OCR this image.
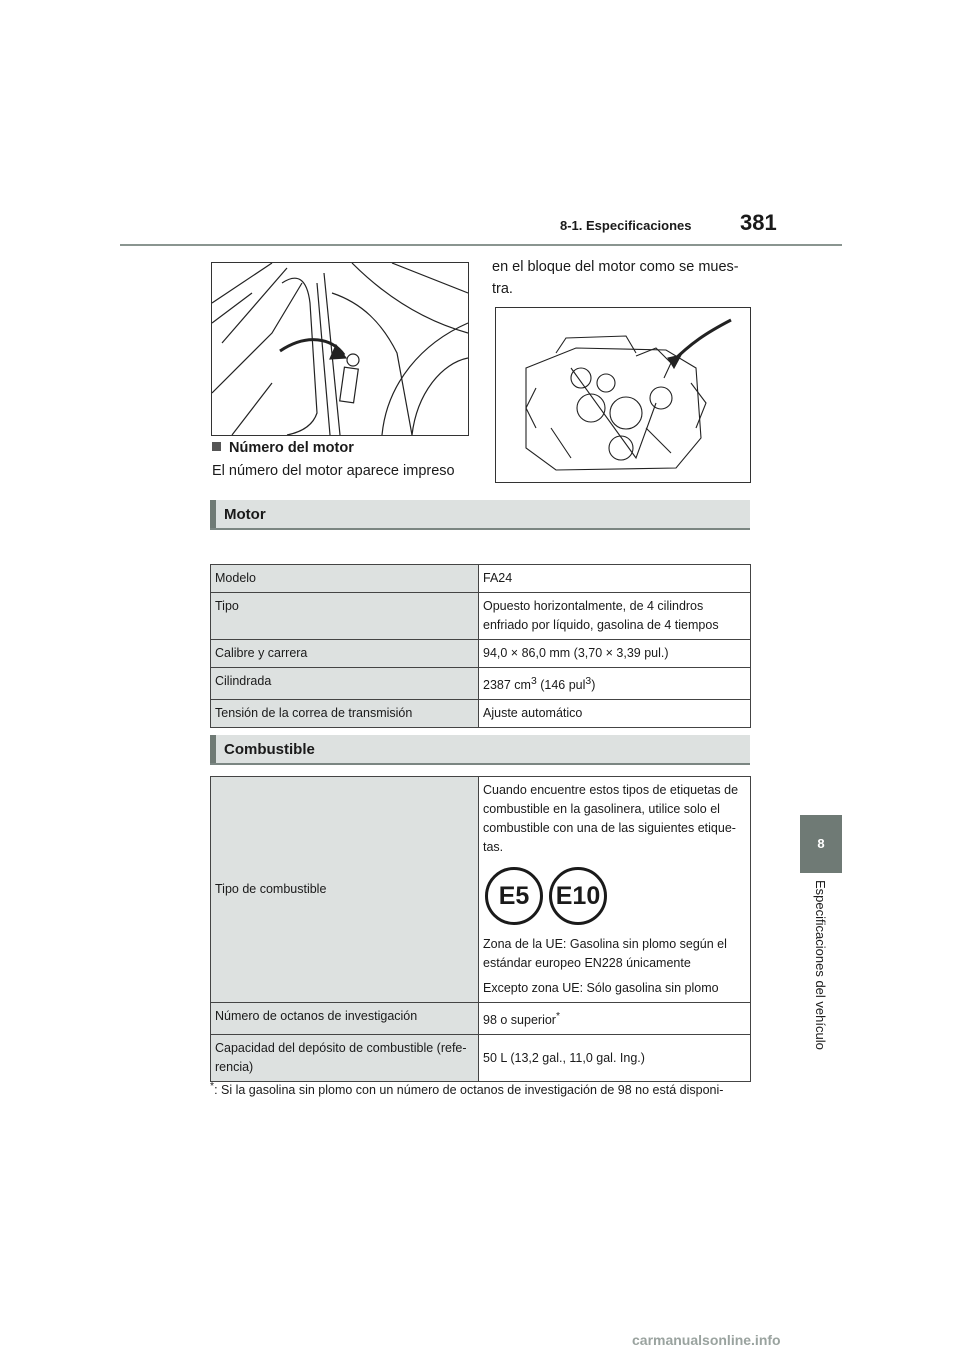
8-1. Especificaciones 381
8
Especificaciones del vehículo
en el bloque del motor como se mues- tra.
Número del motor
El número del motor aparece impreso
Motor
Modelo	FA24
Tipo	Opuesto horizontalmente, de 4 cilindros enfriado por líquido, gasolina de 4 tiempos
Calibre y carrera	94,0 × 86,0 mm (3,70 × 3,39 pul.)
Cilindrada	2387 $cm^3$ (146 pul$^3$)
Tensión de la correa de transmisión	Ajuste automático
Combustible
Tipo de combustible	Cuando encuentre estos tipos de etiquetas de combustible en la gasolinera, utilice solo el combustible con una de las siguientes etique- tas.
E5 E10
Zona de la UE: Gasolina sin plomo según el estándar europeo EN228 únicamente
Excepto zona UE: Sólo gasolina sin plomo

Número de octanos de investigación	98 o superior*
Capacidad del depósito de combustible (refe- rencia)	50 L (13,2 gal., 11,0 gal. Ing.)
*: Si la gasolina sin plomo con un número de octanos de investigación de 98 no está disponi-
carmanualsonline.info
